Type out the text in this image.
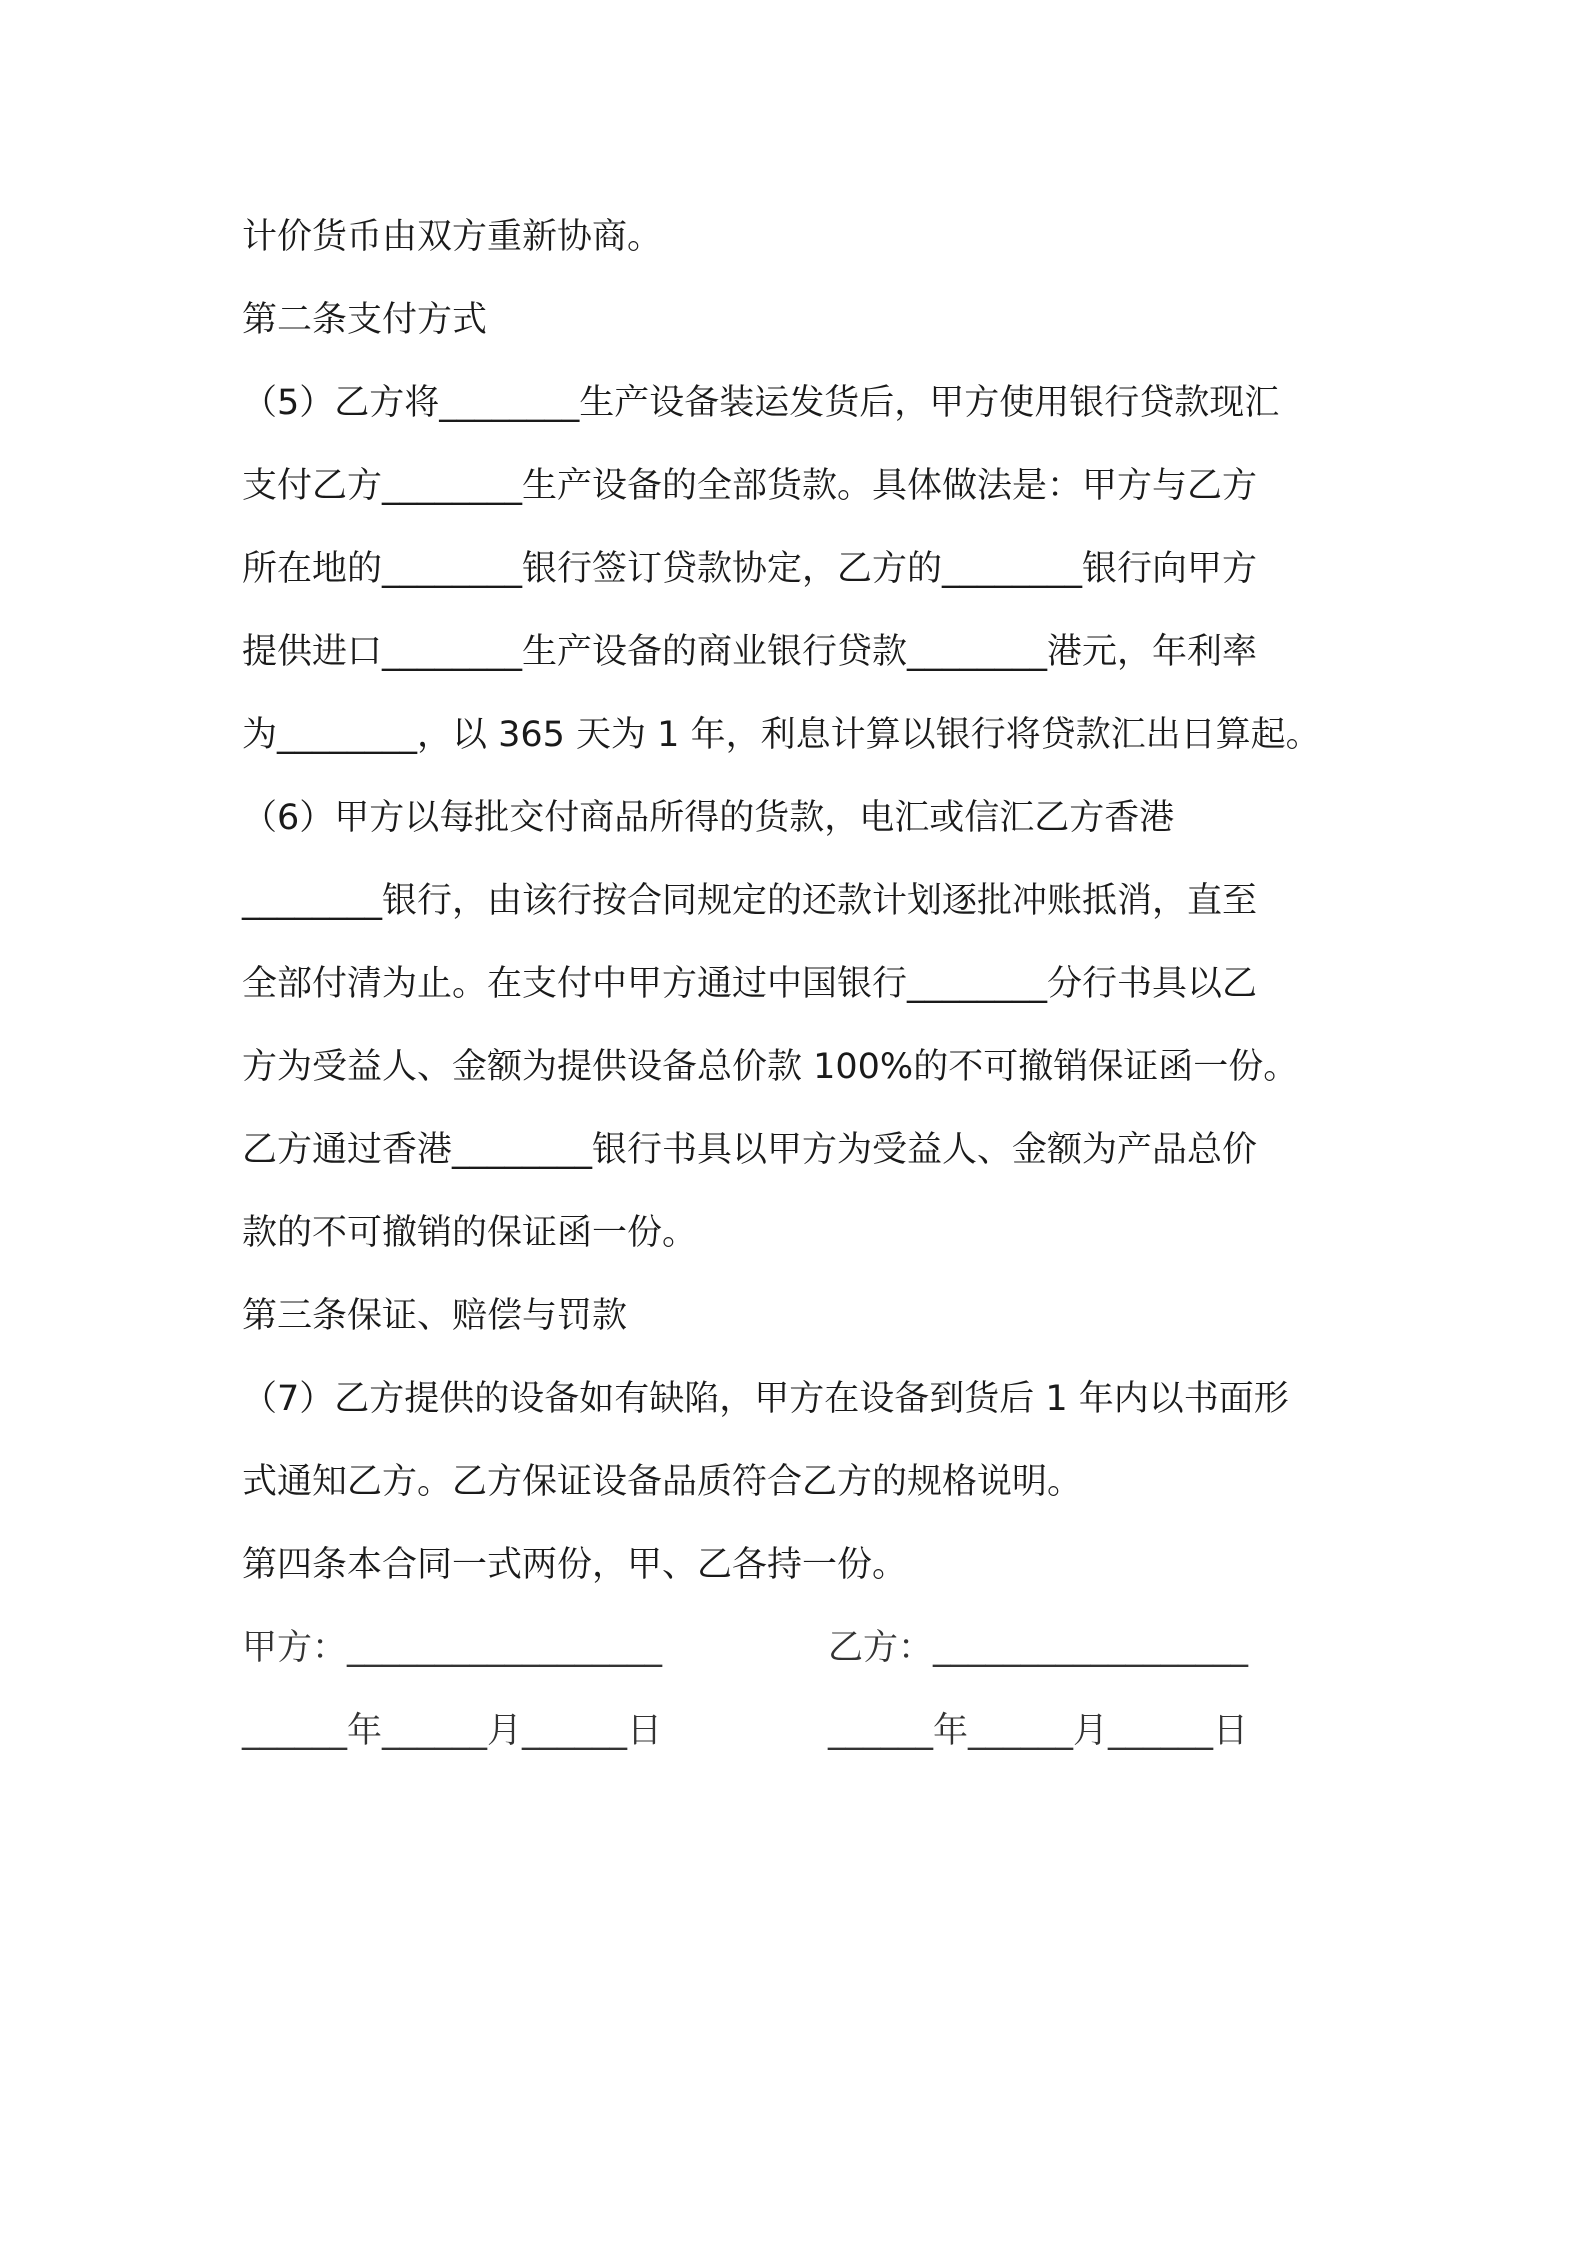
计价货币由双方重新协商。

第二条支付方式

（5）乙方将________生产设备装运发货后，甲方使用银行贷款现汇

支付乙方________生产设备的全部货款。具体做法是：甲方与乙方

所在地的________银行签订贷款协定，乙方的________银行向甲方

提供进口________生产设备的商业银行贷款________港元，年利率

为________，以 365 天为 1 年，利息计算以银行将贷款汇出日算起。

（6）甲方以每批交付商品所得的货款，电汇或信汇乙方香港

________银行，由该行按合同规定的还款计划逐批冲账抵消，直至

全部付清为止。在支付中甲方通过中国银行________分行书具以乙

方为受益人、金额为提供设备总价款 100%的不可撤销保证函一份。

乙方通过香港________银行书具以甲方为受益人、金额为产品总价

款的不可撤销的保证函一份。

第三条保证、赔偿与罚款

（7）乙方提供的设备如有缺陷，甲方在设备到货后 1 年内以书面形

式通知乙方。乙方保证设备品质符合乙方的规格说明。

第四条本合同一式两份，甲、乙各持一份。

甲方：__________________	乙方：__________________
______年______月______日	______年______月______日
